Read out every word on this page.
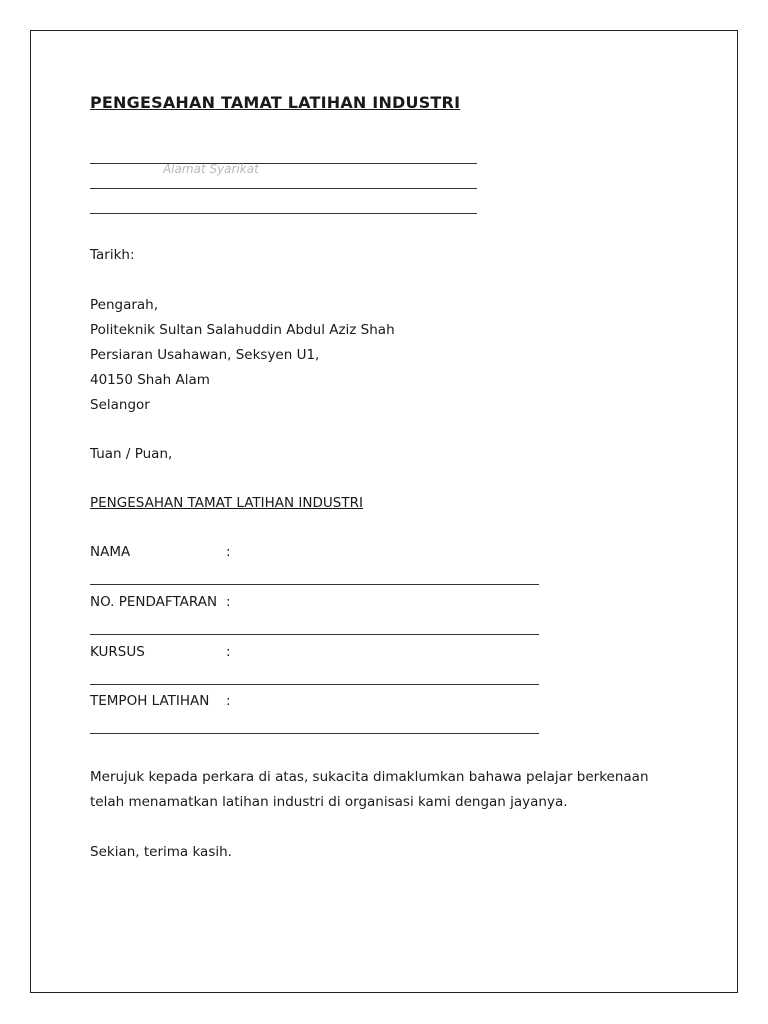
PENGESAHAN TAMAT LATIHAN INDUSTRI
Alamat Syarikat
Tarikh:
Pengarah,
Politeknik Sultan Salahuddin Abdul Aziz Shah
Persiaran Usahawan, Seksyen U1,
40150 Shah Alam
Selangor
Tuan / Puan,
PENGESAHAN TAMAT LATIHAN INDUSTRI
NAMA	:
NO. PENDAFTARAN :
KURSUS	:
TEMPOH LATIHAN :
Merujuk kepada perkara di atas, sukacita dimaklumkan bahawa pelajar berkenaan
telah menamatkan latihan industri di organisasi kami dengan jayanya.
Sekian, terima kasih.
